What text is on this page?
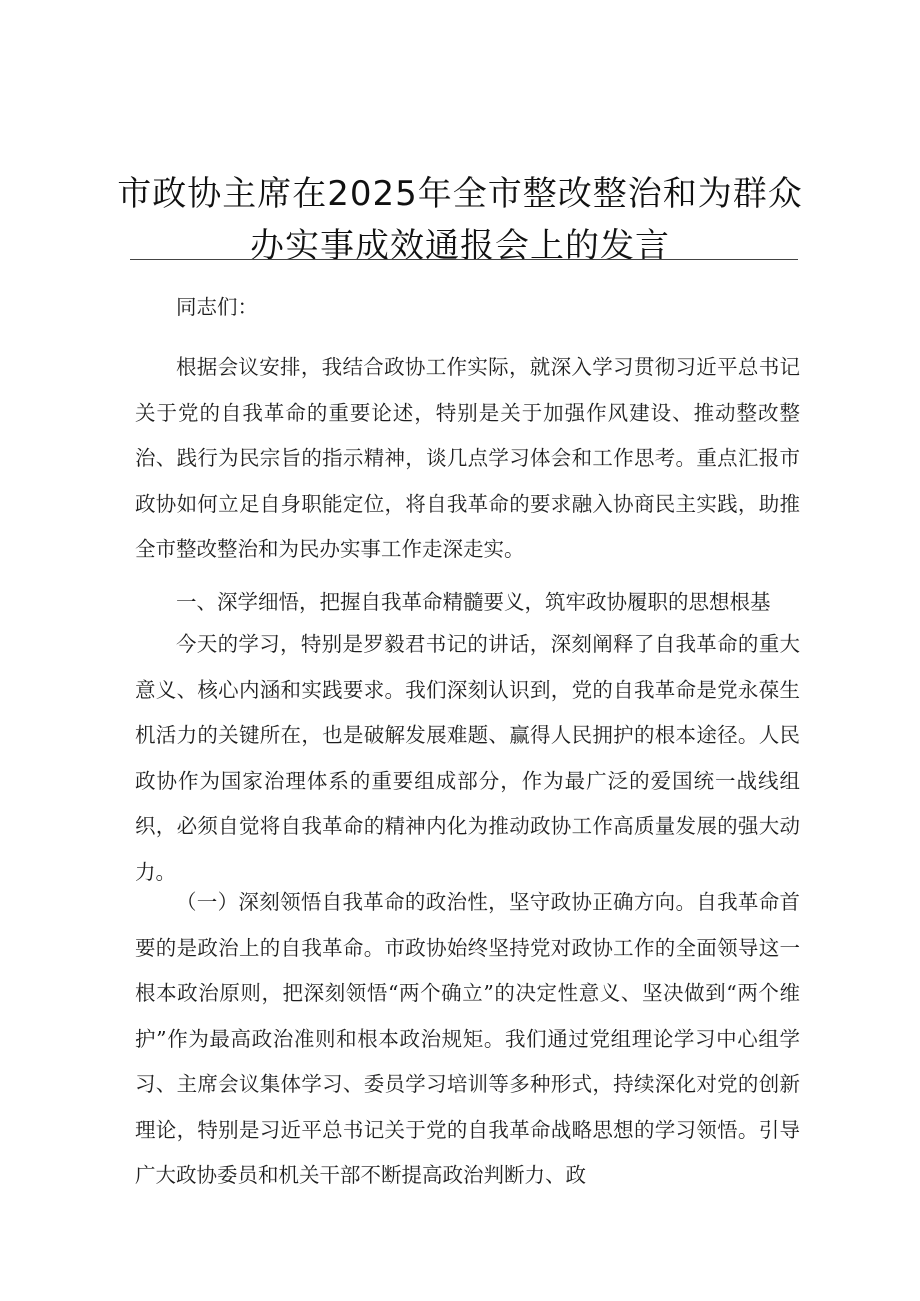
市政协主席在2025年全市整改整治和为群众
办实事成效通报会上的发言

同志们：

根据会议安排，我结合政协工作实际，就深入学习贯彻习近平总书记关于党的自我革命的重要论述，特别是关于加强作风建设、推动整改整治、践行为民宗旨的指示精神，谈几点学习体会和工作思考。重点汇报市政协如何立足自身职能定位，将自我革命的要求融入协商民主实践，助推全市整改整治和为民办实事工作走深走实。

一、深学细悟，把握自我革命精髓要义，筑牢政协履职的思想根基

今天的学习，特别是罗毅君书记的讲话，深刻阐释了自我革命的重大意义、核心内涵和实践要求。我们深刻认识到，党的自我革命是党永葆生机活力的关键所在，也是破解发展难题、赢得人民拥护的根本途径。人民政协作为国家治理体系的重要组成部分，作为最广泛的爱国统一战线组织，必须自觉将自我革命的精神内化为推动政协工作高质量发展的强大动力。

（一）深刻领悟自我革命的政治性，坚守政协正确方向。自我革命首要的是政治上的自我革命。市政协始终坚持党对政协工作的全面领导这一根本政治原则，把深刻领悟“两个确立”的决定性意义、坚决做到“两个维护”作为最高政治准则和根本政治规矩。我们通过党组理论学习中心组学习、主席会议集体学习、委员学习培训等多种形式，持续深化对党的创新理论，特别是习近平总书记关于党的自我革命战略思想的学习领悟。引导广大政协委员和机关干部不断提高政治判断力、政
